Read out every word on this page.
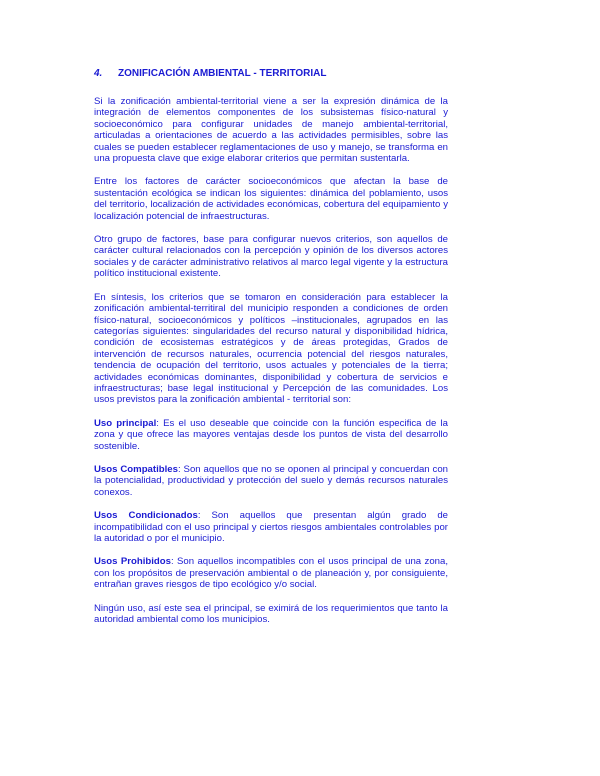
4. ZONIFICACIÓN AMBIENTAL - TERRITORIAL

Si la zonificación ambiental-territorial viene a ser la expresión dinámica de la integración de elementos componentes de los subsistemas físico-natural y socioeconómico para configurar unidades de manejo ambiental-territorial, articuladas a orientaciones de acuerdo a las actividades permisibles, sobre las cuales se pueden establecer reglamentaciones de uso y manejo, se transforma en una propuesta clave que exige elaborar criterios que permitan sustentarla.

Entre los factores de carácter socioeconómicos que afectan la base de sustentación ecológica se indican los siguientes: dinámica del poblamiento, usos del territorio, localización de actividades económicas, cobertura del equipamiento y localización potencial de infraestructuras.

Otro grupo de factores, base para configurar nuevos criterios, son aquellos de carácter cultural relacionados con la percepción y opinión de los diversos actores sociales y de carácter administrativo relativos al marco legal vigente y la estructura político institucional existente.

En síntesis, los criterios que se tomaron en consideración para establecer la zonificación ambiental-territiral del municipio responden a condiciones de orden físico-natural, socioeconómicos y políticos –institucionales, agrupados en las categorías siguientes: singularidades del recurso natural y disponibilidad hídrica, condición de ecosistemas estratégicos y de áreas protegidas, Grados de intervención de recursos naturales, ocurrencia potencial del riesgos naturales, tendencia de ocupación del territorio, usos actuales y potenciales de la tierra; actividades económicas dominantes, disponibilidad y cobertura de servicios e infraestructuras; base legal institucional y Percepción de las comunidades. Los usos previstos para la zonificación ambiental - territorial son:

Uso principal: Es el uso deseable que coincide con la función especifica de la zona y que ofrece las mayores ventajas desde los puntos de vista del desarrollo sostenible.

Usos Compatibles: Son aquellos que no se oponen al principal y concuerdan con la potencialidad, productividad y protección del suelo y demás recursos naturales conexos.

Usos Condicionados: Son aquellos que presentan algún grado de incompatibilidad con el uso principal y ciertos riesgos ambientales controlables por la autoridad o por el municipio.

Usos Prohibidos: Son aquellos incompatibles con el usos principal de una zona, con los propósitos de preservación ambiental o de planeación y, por consiguiente, entrañan graves riesgos de tipo ecológico y/o social.

Ningún uso, así este sea el principal, se eximirá de los requerimientos que tanto la autoridad ambiental como los municipios.
